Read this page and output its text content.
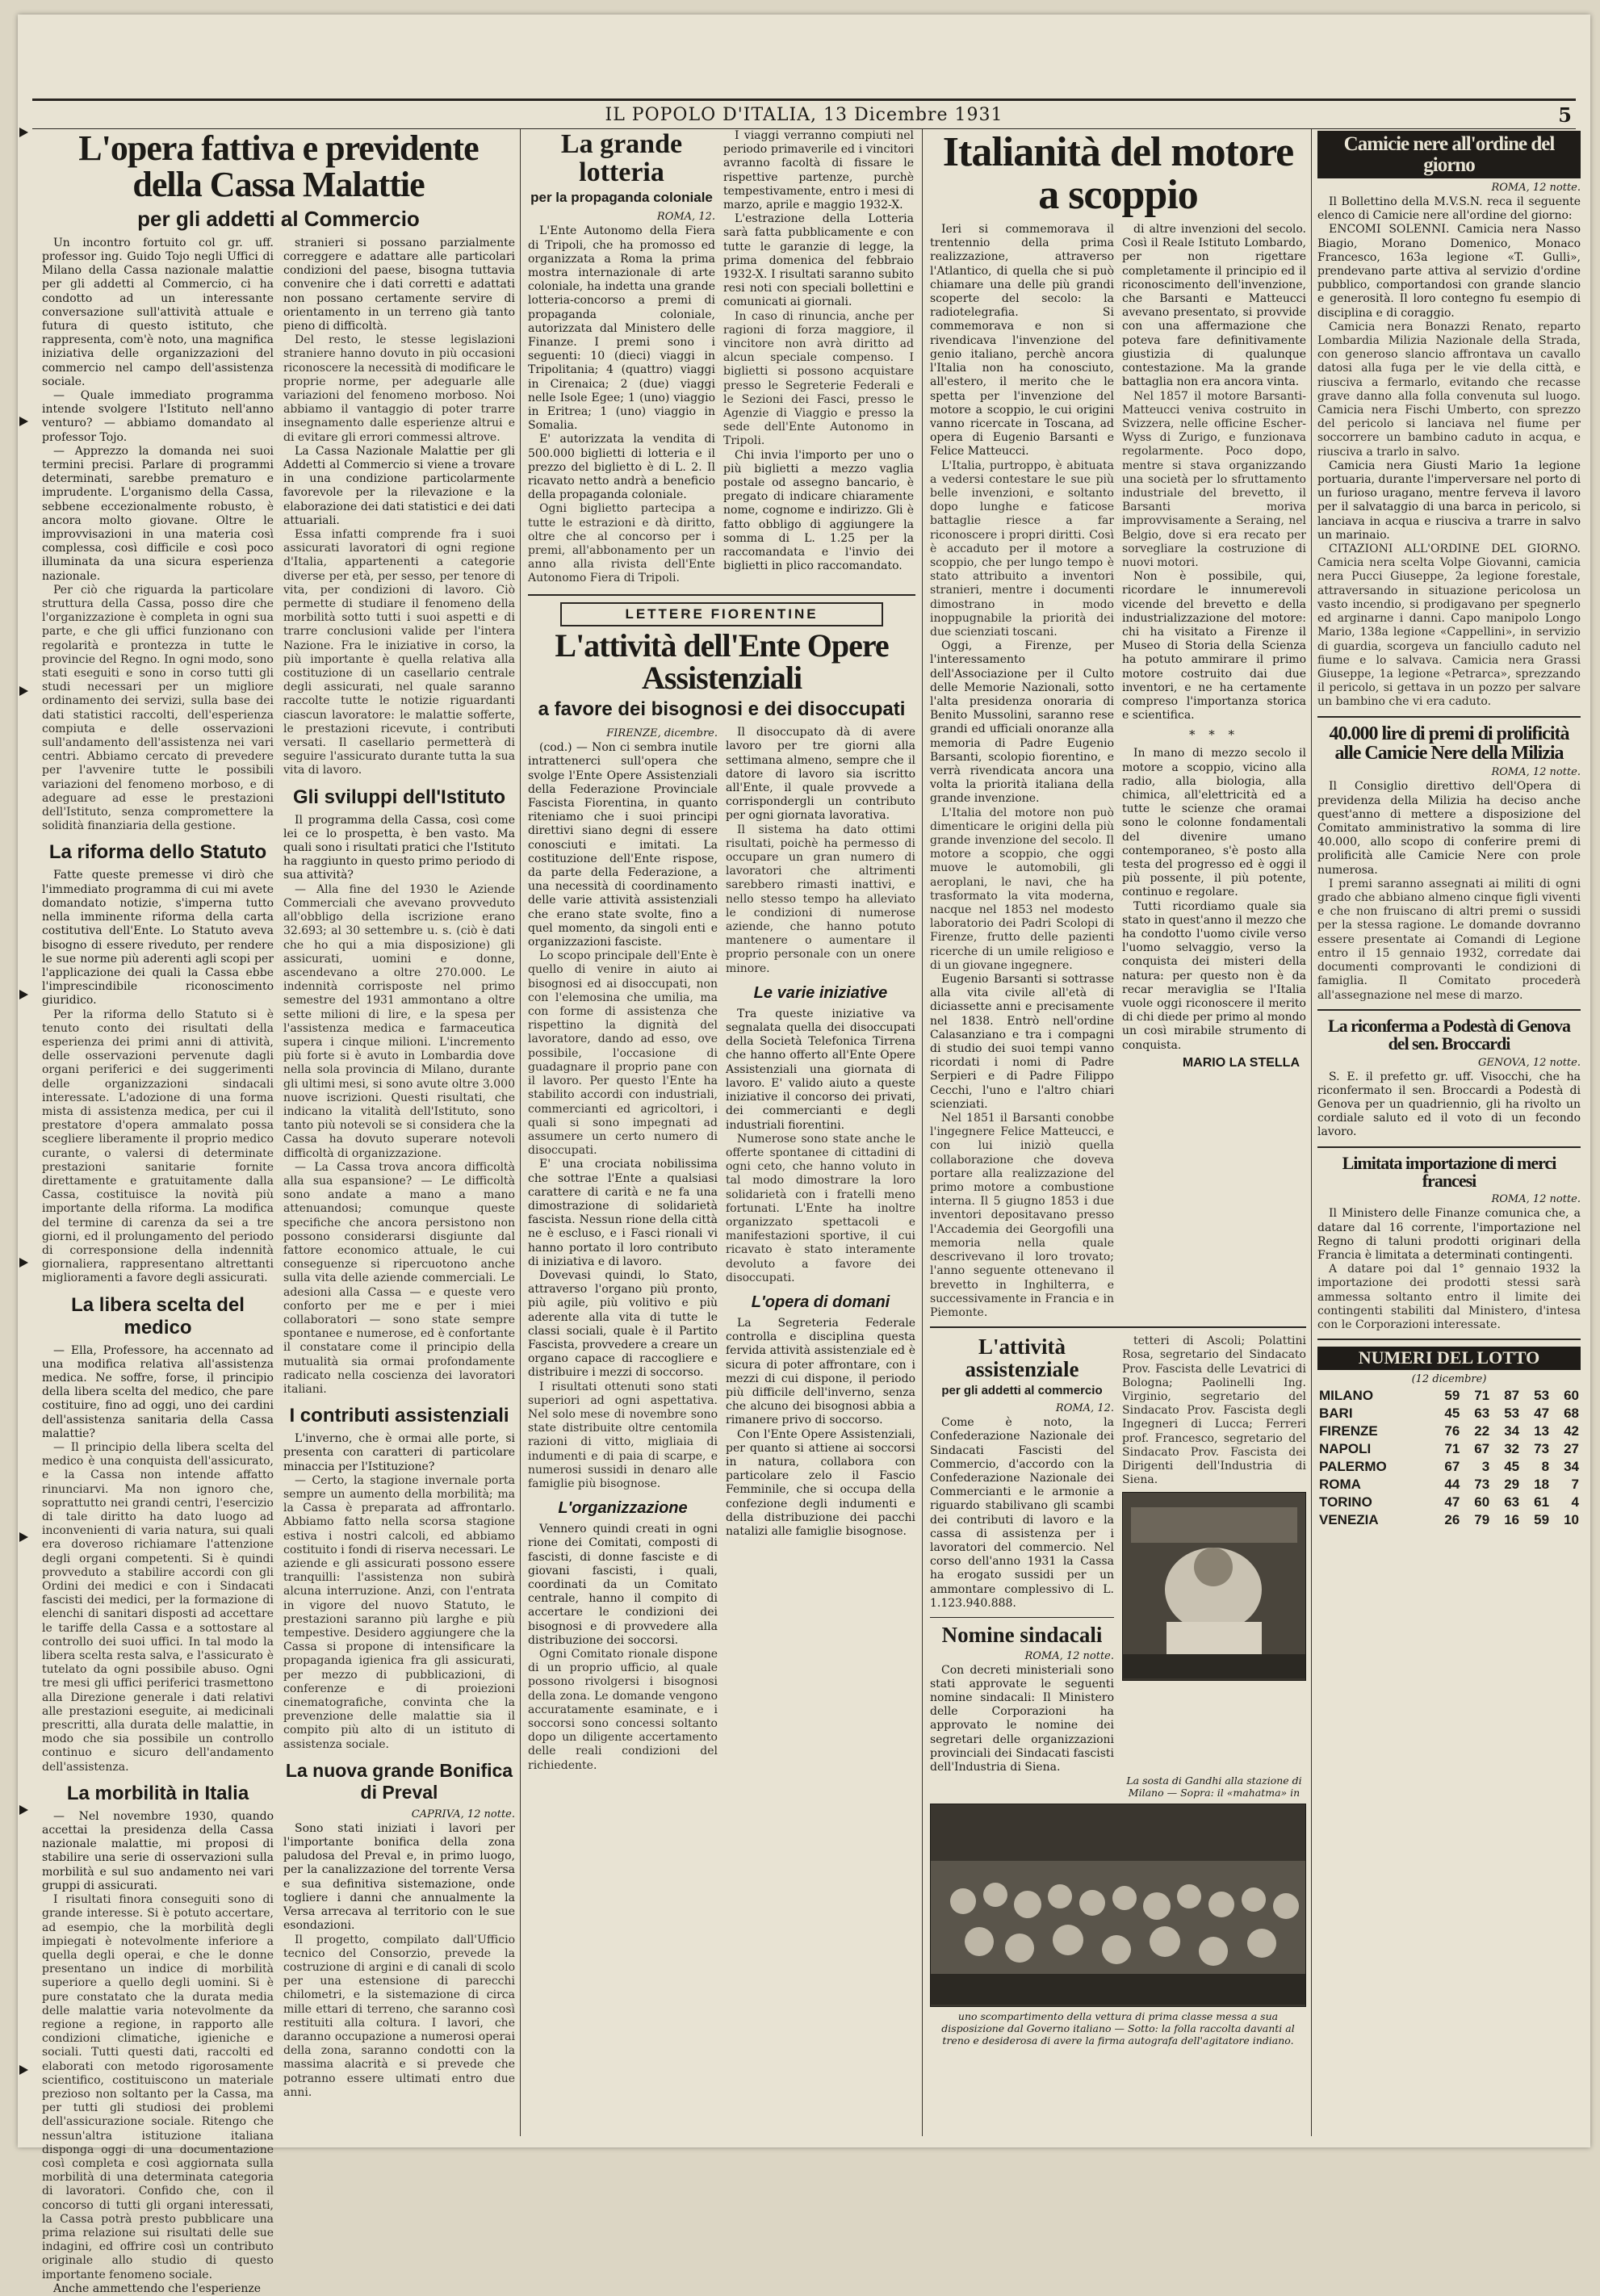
IL POPOLO D'ITALIA, 13 Dicembre 1931	5
L'opera fattiva e previdente della Cassa Malattie
per gli addetti al Commercio

Un incontro fortuito col gr. uff. professor ing. Guido Tojo negli Uffici di Milano della Cassa nazionale malattie per gli addetti al Commercio, ci ha condotto ad un interessante conversazione sull'attività attuale e futura di questo istituto, che rappresenta, com'è noto, una magnifica iniziativa delle organizzazioni del commercio nel campo dell'assistenza sociale.

— Quale immediato programma intende svolgere l'Istituto nell'anno venturo? — abbiamo domandato al professor Tojo.

— Apprezzo la domanda nei suoi termini precisi. Parlare di programmi determinati, sarebbe prematuro e imprudente. L'organismo della Cassa, sebbene eccezionalmente robusto, è ancora molto giovane. Oltre le improvvisazioni in una materia così complessa, così difficile e così poco illuminata da una sicura esperienza nazionale.

Per ciò che riguarda la particolare struttura della Cassa, posso dire che l'organizzazione è completa in ogni sua parte, e che gli uffici funzionano con regolarità e prontezza in tutte le provincie del Regno. In ogni modo, sono stati eseguiti e sono in corso tutti gli studi necessari per un migliore ordinamento dei servizi, sulla base dei dati statistici raccolti, dell'esperienza compiuta e delle osservazioni sull'andamento dell'assistenza nei vari centri. Abbiamo cercato di prevedere per l'avvenire tutte le possibili variazioni del fenomeno morboso, e di adeguare ad esse le prestazioni dell'Istituto, senza compromettere la solidità finanziaria della gestione.

La riforma dello Statuto

Fatte queste premesse vi dirò che l'immediato programma di cui mi avete domandato notizie, s'imperna tutto nella imminente riforma della carta costitutiva dell'Ente. Lo Statuto aveva bisogno di essere riveduto, per rendere le sue norme più aderenti agli scopi per l'applicazione dei quali la Cassa ebbe l'imprescindibile riconoscimento giuridico.

Per la riforma dello Statuto si è tenuto conto dei risultati della esperienza dei primi anni di attività, delle osservazioni pervenute dagli organi periferici e dei suggerimenti delle organizzazioni sindacali interessate. L'adozione di una forma mista di assistenza medica, per cui il prestatore d'opera ammalato possa scegliere liberamente il proprio medico curante, o valersi di determinate prestazioni sanitarie fornite direttamente e gratuitamente dalla Cassa, costituisce la novità più importante della riforma. La modifica del termine di carenza da sei a tre giorni, ed il prolungamento del periodo di corresponsione della indennità giornaliera, rappresentano altrettanti miglioramenti a favore degli assicurati.

La libera scelta del medico

— Ella, Professore, ha accennato ad una modifica relativa all'assistenza medica. Ne soffre, forse, il principio della libera scelta del medico, che pare costituire, fino ad oggi, uno dei cardini dell'assistenza sanitaria della Cassa malattie?

— Il principio della libera scelta del medico è una conquista dell'assicurato, e la Cassa non intende affatto rinunciarvi. Ma non ignoro che, soprattutto nei grandi centri, l'esercizio di tale diritto ha dato luogo ad inconvenienti di varia natura, sui quali era doveroso richiamare l'attenzione degli organi competenti. Si è quindi provveduto a stabilire accordi con gli Ordini dei medici e con i Sindacati fascisti dei medici, per la formazione di elenchi di sanitari disposti ad accettare le tariffe della Cassa e a sottostare al controllo dei suoi uffici. In tal modo la libera scelta resta salva, e l'assicurato è tutelato da ogni possibile abuso. Ogni tre mesi gli uffici periferici trasmettono alla Direzione generale i dati relativi alle prestazioni eseguite, ai medicinali prescritti, alla durata delle malattie, in modo che sia possibile un controllo continuo e sicuro dell'andamento dell'assistenza.

La morbilità in Italia

— Nel novembre 1930, quando accettai la presidenza della Cassa nazionale malattie, mi proposi di stabilire una serie di osservazioni sulla morbilità e sul suo andamento nei vari gruppi di assicurati.

I risultati finora conseguiti sono di grande interesse. Si è potuto accertare, ad esempio, che la morbilità degli impiegati è notevolmente inferiore a quella degli operai, e che le donne presentano un indice di morbilità superiore a quello degli uomini. Si è pure constatato che la durata media delle malattie varia notevolmente da regione a regione, in rapporto alle condizioni climatiche, igieniche e sociali. Tutti questi dati, raccolti ed elaborati con metodo rigorosamente scientifico, costituiscono un materiale prezioso non soltanto per la Cassa, ma per tutti gli studiosi dei problemi dell'assicurazione sociale. Ritengo che nessun'altra istituzione italiana disponga oggi di una documentazione così completa e così aggiornata sulla morbilità di una determinata categoria di lavoratori. Confido che, con il concorso di tutti gli organi interessati, la Cassa potrà presto pubblicare una prima relazione sui risultati delle sue indagini, ed offrire così un contributo originale allo studio di questo importante fenomeno sociale.

Anche ammettendo che l'esperienze

stranieri si possano parzialmente correggere e adattare alle particolari condizioni del paese, bisogna tuttavia convenire che i dati corretti e adattati non possano certamente servire di orientamento in un terreno già tanto pieno di difficoltà.

Del resto, le stesse legislazioni straniere hanno dovuto in più occasioni riconoscere la necessità di modificare le proprie norme, per adeguarle alle variazioni del fenomeno morboso. Noi abbiamo il vantaggio di poter trarre insegnamento dalle esperienze altrui e di evitare gli errori commessi altrove.

La Cassa Nazionale Malattie per gli Addetti al Commercio si viene a trovare in una condizione particolarmente favorevole per la rilevazione e la elaborazione dei dati statistici e dei dati attuariali.

Essa infatti comprende fra i suoi assicurati lavoratori di ogni regione d'Italia, appartenenti a categorie diverse per età, per sesso, per tenore di vita, per condizioni di lavoro. Ciò permette di studiare il fenomeno della morbilità sotto tutti i suoi aspetti e di trarre conclusioni valide per l'intera Nazione. Fra le iniziative in corso, la più importante è quella relativa alla costituzione di un casellario centrale degli assicurati, nel quale saranno raccolte tutte le notizie riguardanti ciascun lavoratore: le malattie sofferte, le prestazioni ricevute, i contributi versati. Il casellario permetterà di seguire l'assicurato durante tutta la sua vita di lavoro.

Gli sviluppi dell'Istituto

Il programma della Cassa, così come lei ce lo prospetta, è ben vasto. Ma quali sono i risultati pratici che l'Istituto ha raggiunto in questo primo periodo di sua attività?

— Alla fine del 1930 le Aziende Commerciali che avevano provveduto all'obbligo della iscrizione erano 32.693; al 30 settembre u. s. (ciò è dati che ho qui a mia disposizione) gli assicurati, uomini e donne, ascendevano a oltre 270.000. Le indennità corrisposte nel primo semestre del 1931 ammontano a oltre sette milioni di lire, e la spesa per l'assistenza medica e farmaceutica supera i cinque milioni. L'incremento più forte si è avuto in Lombardia dove nella sola provincia di Milano, durante gli ultimi mesi, si sono avute oltre 3.000 nuove iscrizioni. Questi risultati, che indicano la vitalità dell'Istituto, sono tanto più notevoli se si considera che la Cassa ha dovuto superare notevoli difficoltà di organizzazione.

— La Cassa trova ancora difficoltà alla sua espansione? — Le difficoltà sono andate a mano a mano attenuandosi; comunque queste specifiche che ancora persistono non possono considerarsi disgiunte dal fattore economico attuale, le cui conseguenze si ripercuotono anche sulla vita delle aziende commerciali. Le adesioni alla Cassa — e queste vero conforto per me e per i miei collaboratori — sono state sempre spontanee e numerose, ed è confortante il constatare come il principio della mutualità sia ormai profondamente radicato nella coscienza dei lavoratori italiani.

I contributi assistenziali

L'inverno, che è ormai alle porte, si presenta con caratteri di particolare minaccia per l'Istituzione?

— Certo, la stagione invernale porta sempre un aumento della morbilità; ma la Cassa è preparata ad affrontarlo. Abbiamo fatto nella scorsa stagione estiva i nostri calcoli, ed abbiamo costituito i fondi di riserva necessari. Le aziende e gli assicurati possono essere tranquilli: l'assistenza non subirà alcuna interruzione. Anzi, con l'entrata in vigore del nuovo Statuto, le prestazioni saranno più larghe e più tempestive. Desidero aggiungere che la Cassa si propone di intensificare la propaganda igienica fra gli assicurati, per mezzo di pubblicazioni, di conferenze e di proiezioni cinematografiche, convinta che la prevenzione delle malattie sia il compito più alto di un istituto di assistenza sociale.

La nuova grande Bonifica di Preval
CAPRIVA, 12 notte.

Sono stati iniziati i lavori per l'importante bonifica della zona paludosa del Preval e, in primo luogo, per la canalizzazione del torrente Versa e sua definitiva sistemazione, onde togliere i danni che annualmente la Versa arrecava al territorio con le sue esondazioni.

Il progetto, compilato dall'Ufficio tecnico del Consorzio, prevede la costruzione di argini e di canali di scolo per una estensione di parecchi chilometri, e la sistemazione di circa mille ettari di terreno, che saranno così restituiti alla coltura. I lavori, che daranno occupazione a numerosi operai della zona, saranno condotti con la massima alacrità e si prevede che potranno essere ultimati entro due anni.

La grande lotteria
per la propaganda coloniale
ROMA, 12.

L'Ente Autonomo della Fiera di Tripoli, che ha promosso ed organizzata a Roma la prima mostra internazionale di arte coloniale, ha indetta una grande lotteria-concorso a premi di propaganda coloniale, autorizzata dal Ministero delle Finanze. I premi sono i seguenti: 10 (dieci) viaggi in Tripolitania; 4 (quattro) viaggi in Cirenaica; 2 (due) viaggi nelle Isole Egee; 1 (uno) viaggio in Eritrea; 1 (uno) viaggio in Somalia.

E' autorizzata la vendita di 500.000 biglietti di lotteria e il prezzo del biglietto è di L. 2. Il ricavato netto andrà a beneficio della propaganda coloniale.

Ogni biglietto partecipa a tutte le estrazioni e dà diritto, oltre che al concorso per i premi, all'abbonamento per un anno alla rivista dell'Ente Autonomo Fiera di Tripoli.

I viaggi verranno compiuti nel periodo primaverile ed i vincitori avranno facoltà di fissare le rispettive partenze, purchè tempestivamente, entro i mesi di marzo, aprile e maggio 1932-X.

L'estrazione della Lotteria sarà fatta pubblicamente e con tutte le garanzie di legge, la prima domenica del febbraio 1932-X. I risultati saranno subito resi noti con speciali bollettini e comunicati ai giornali.

In caso di rinuncia, anche per ragioni di forza maggiore, il vincitore non avrà diritto ad alcun speciale compenso. I biglietti si possono acquistare presso le Segreterie Federali e le Sezioni dei Fasci, presso le Agenzie di Viaggio e presso la sede dell'Ente Autonomo in Tripoli.

Chi invia l'importo per uno o più biglietti a mezzo vaglia postale od assegno bancario, è pregato di indicare chiaramente nome, cognome e indirizzo. Gli è fatto obbligo di aggiungere la somma di L. 1.25 per la raccomandata e l'invio dei biglietti in plico raccomandato.

LETTERE FIORENTINE
L'attività dell'Ente Opere Assistenziali
a favore dei bisognosi e dei disoccupati
FIRENZE, dicembre.

(cod.) — Non ci sembra inutile intrattenerci sull'opera che svolge l'Ente Opere Assistenziali della Federazione Provinciale Fascista Fiorentina, in quanto riteniamo che i suoi principi direttivi siano degni di essere conosciuti e imitati. La costituzione dell'Ente rispose, da parte della Federazione, a una necessità di coordinamento delle varie attività assistenziali che erano state svolte, fino a quel momento, da singoli enti e organizzazioni fasciste.

Lo scopo principale dell'Ente è quello di venire in aiuto ai bisognosi ed ai disoccupati, non con l'elemosina che umilia, ma con forme di assistenza che rispettino la dignità del lavoratore, dando ad esso, ove possibile, l'occasione di guadagnare il proprio pane con il lavoro. Per questo l'Ente ha stabilito accordi con industriali, commercianti ed agricoltori, i quali si sono impegnati ad assumere un certo numero di disoccupati.

E' una crociata nobilissima che sottrae l'Ente a qualsiasi carattere di carità e ne fa una dimostrazione di solidarietà fascista. Nessun rione della città ne è escluso, e i Fasci rionali vi hanno portato il loro contributo di iniziativa e di lavoro.

Dovevasi quindi, lo Stato, attraverso l'organo più pronto, più agile, più volitivo e più aderente alla vita di tutte le classi sociali, quale è il Partito Fascista, provvedere a creare un organo capace di raccogliere e distribuire i mezzi di soccorso.

I risultati ottenuti sono stati superiori ad ogni aspettativa. Nel solo mese di novembre sono state distribuite oltre centomila razioni di vitto, migliaia di indumenti e di paia di scarpe, e numerosi sussidi in denaro alle famiglie più bisognose.

L'organizzazione

Vennero quindi creati in ogni rione dei Comitati, composti di fascisti, di donne fasciste e di giovani fascisti, i quali, coordinati da un Comitato centrale, hanno il compito di accertare le condizioni dei bisognosi e di provvedere alla distribuzione dei soccorsi.

Ogni Comitato rionale dispone di un proprio ufficio, al quale possono rivolgersi i bisognosi della zona. Le domande vengono accuratamente esaminate, e i soccorsi sono concessi soltanto dopo un diligente accertamento delle reali condizioni del richiedente.

Il disoccupato dà di avere lavoro per tre giorni alla settimana almeno, sempre che il datore di lavoro sia iscritto all'Ente, il quale provvede a corrispondergli un contributo per ogni giornata lavorativa.

Il sistema ha dato ottimi risultati, poichè ha permesso di occupare un gran numero di lavoratori che altrimenti sarebbero rimasti inattivi, e nello stesso tempo ha alleviato le condizioni di numerose aziende, che hanno potuto mantenere o aumentare il proprio personale con un onere minore.

Le varie iniziative

Tra queste iniziative va segnalata quella dei disoccupati della Società Telefonica Tirrena che hanno offerto all'Ente Opere Assistenziali una giornata di lavoro. E' valido aiuto a queste iniziative il concorso dei privati, dei commercianti e degli industriali fiorentini.

Numerose sono state anche le offerte spontanee di cittadini di ogni ceto, che hanno voluto in tal modo dimostrare la loro solidarietà con i fratelli meno fortunati. L'Ente ha inoltre organizzato spettacoli e manifestazioni sportive, il cui ricavato è stato interamente devoluto a favore dei disoccupati.

L'opera di domani

La Segreteria Federale controlla e disciplina questa fervida attività assistenziale ed è sicura di poter affrontare, con i mezzi di cui dispone, il periodo più difficile dell'inverno, senza che alcuno dei bisognosi abbia a rimanere privo di soccorso.

Con l'Ente Opere Assistenziali, per quanto si attiene ai soccorsi in natura, collabora con particolare zelo il Fascio Femminile, che si occupa della confezione degli indumenti e della distribuzione dei pacchi natalizi alle famiglie bisognose.

Italianità del motore a scoppio

Ieri si commemorava il trentennio della prima realizzazione, attraverso l'Atlantico, di quella che si può chiamare una delle più grandi scoperte del secolo: la radiotelegrafia. Si commemorava e non si rivendicava l'invenzione del genio italiano, perchè ancora l'Italia non ha conosciuto, all'estero, il merito che le spetta per l'invenzione del motore a scoppio, le cui origini vanno ricercate in Toscana, ad opera di Eugenio Barsanti e Felice Matteucci.

L'Italia, purtroppo, è abituata a vedersi contestare le sue più belle invenzioni, e soltanto dopo lunghe e faticose battaglie riesce a far riconoscere i propri diritti. Così è accaduto per il motore a scoppio, che per lungo tempo è stato attribuito a inventori stranieri, mentre i documenti dimostrano in modo inoppugnabile la priorità dei due scienziati toscani.

Oggi, a Firenze, per l'interessamento dell'Associazione per il Culto delle Memorie Nazionali, sotto l'alta presidenza onoraria di Benito Mussolini, saranno rese grandi ed ufficiali onoranze alla memoria di Padre Eugenio Barsanti, scolopio fiorentino, e verrà rivendicata ancora una volta la priorità italiana della grande invenzione.

L'Italia del motore non può dimenticare le origini della più grande invenzione del secolo. Il motore a scoppio, che oggi muove le automobili, gli aeroplani, le navi, che ha trasformato la vita moderna, nacque nel 1853 nel modesto laboratorio dei Padri Scolopi di Firenze, frutto delle pazienti ricerche di un umile religioso e di un giovane ingegnere.

Eugenio Barsanti si sottrasse alla vita civile all'età di diciassette anni e precisamente nel 1838. Entrò nell'ordine Calasanziano e tra i compagni di studio dei suoi tempi vanno ricordati i nomi di Padre Serpieri e di Padre Filippo Cecchi, l'uno e l'altro chiari scienziati.

Nel 1851 il Barsanti conobbe l'ingegnere Felice Matteucci, e con lui iniziò quella collaborazione che doveva portare alla realizzazione del primo motore a combustione interna. Il 5 giugno 1853 i due inventori depositavano presso l'Accademia dei Georgofili una memoria nella quale descrivevano il loro trovato; l'anno seguente ottenevano il brevetto in Inghilterra, e successivamente in Francia e in Piemonte.

di altre invenzioni del secolo. Così il Reale Istituto Lombardo, per non rigettare completamente il principio ed il riconoscimento dell'invenzione, che Barsanti e Matteucci avevano presentato, si provvide con una affermazione che poteva fare definitivamente giustizia di qualunque contestazione. Ma la grande battaglia non era ancora vinta.

Nel 1857 il motore Barsanti-Matteucci veniva costruito in Svizzera, nelle officine Escher-Wyss di Zurigo, e funzionava regolarmente. Poco dopo, mentre si stava organizzando una società per lo sfruttamento industriale del brevetto, il Barsanti moriva improvvisamente a Seraing, nel Belgio, dove si era recato per sorvegliare la costruzione di nuovi motori.

Non è possibile, qui, ricordare le innumerevoli vicende del brevetto e della industrializzazione del motore: chi ha visitato a Firenze il Museo di Storia della Scienza ha potuto ammirare il primo motore costruito dai due inventori, e ne ha certamente compreso l'importanza storica e scientifica.

* * *

In mano di mezzo secolo il motore a scoppio, vicino alla radio, alla biologia, alla chimica, all'elettricità ed a tutte le scienze che oramai sono le colonne fondamentali del divenire umano contemporaneo, s'è posto alla testa del progresso ed è oggi il più possente, il più potente, continuo e regolare.

Tutti ricordiamo quale sia stato in quest'anno il mezzo che ha condotto l'uomo civile verso l'uomo selvaggio, verso la conquista dei misteri della natura: per questo non è da recar meraviglia se l'Italia vuole oggi riconoscere il merito di chi diede per primo al mondo un così mirabile strumento di conquista.

MARIO LA STELLA
L'attività assistenziale
per gli addetti al commercio
ROMA, 12.

Come è noto, la Confederazione Nazionale dei Sindacati Fascisti del Commercio, d'accordo con la Confederazione Nazionale dei Commercianti e le armonie a riguardo stabilivano gli scambi dei contributi di lavoro e la cassa di assistenza per i lavoratori del commercio. Nel corso dell'anno 1931 la Cassa ha erogato sussidi per un ammontare complessivo di L. 1.123.940.888.

Nomine sindacali
ROMA, 12 notte.

Con decreti ministeriali sono stati approvate le seguenti nomine sindacali: Il Ministero delle Corporazioni ha approvato le nomine dei segretari delle organizzazioni provinciali dei Sindacati fascisti dell'Industria di Siena.

tetteri di Ascoli; Polattini Rosa, segretario del Sindacato Prov. Fascista delle Levatrici di Bologna; Paolinelli Ing. Virginio, segretario del Sindacato Prov. Fascista degli Ingegneri di Lucca; Ferreri prof. Francesco, segretario del Sindacato Prov. Fascista dei Dirigenti dell'Industria di Siena.

La sosta di Gandhi alla stazione di Milano — Sopra: il «mahatma» in
uno scompartimento della vettura di prima classe messa a sua disposizione dal Governo italiano — Sotto: la folla raccolta davanti al treno e desiderosa di avere la firma autografa dell'agitatore indiano.
Camicie nere all'ordine del giorno
ROMA, 12 notte.

Il Bollettino della M.V.S.N. reca il seguente elenco di Camicie nere all'ordine del giorno:

ENCOMI SOLENNI. Camicia nera Nasso Biagio, Morano Domenico, Monaco Francesco, 163a legione «T. Gulli», prendevano parte attiva al servizio d'ordine pubblico, comportandosi con grande slancio e generosità. Il loro contegno fu esempio di disciplina e di coraggio.

Camicia nera Bonazzi Renato, reparto Lombardia Milizia Nazionale della Strada, con generoso slancio affrontava un cavallo datosi alla fuga per le vie della città, e riusciva a fermarlo, evitando che recasse grave danno alla folla convenuta sul luogo. Camicia nera Fischi Umberto, con sprezzo del pericolo si lanciava nel fiume per soccorrere un bambino caduto in acqua, e riusciva a trarlo in salvo.

Camicia nera Giusti Mario 1a legione portuaria, durante l'imperversare nel porto di un furioso uragano, mentre ferveva il lavoro per il salvataggio di una barca in pericolo, si lanciava in acqua e riusciva a trarre in salvo un marinaio.

CITAZIONI ALL'ORDINE DEL GIORNO. Camicia nera scelta Volpe Giovanni, camicia nera Pucci Giuseppe, 2a legione forestale, attraversando in situazione pericolosa un vasto incendio, si prodigavano per spegnerlo ed arginarne i danni. Capo manipolo Longo Mario, 138a legione «Cappellini», in servizio di guardia, scorgeva un fanciullo caduto nel fiume e lo salvava. Camicia nera Grassi Giuseppe, 1a legione «Petrarca», sprezzando il pericolo, si gettava in un pozzo per salvare un bambino che vi era caduto.

40.000 lire di premi di prolificità alle Camicie Nere della Milizia
ROMA, 12 notte.

Il Consiglio direttivo dell'Opera di previdenza della Milizia ha deciso anche quest'anno di mettere a disposizione del Comitato amministrativo la somma di lire 40.000, allo scopo di conferire premi di prolificità alle Camicie Nere con prole numerosa.

I premi saranno assegnati ai militi di ogni grado che abbiano almeno cinque figli viventi e che non fruiscano di altri premi o sussidi per la stessa ragione. Le domande dovranno essere presentate ai Comandi di Legione entro il 15 gennaio 1932, corredate dai documenti comprovanti le condizioni di famiglia. Il Comitato procederà all'assegnazione nel mese di marzo.

La riconferma a Podestà di Genova del sen. Broccardi
GENOVA, 12 notte.

S. E. il prefetto gr. uff. Visocchi, che ha riconfermato il sen. Broccardi a Podestà di Genova per un quadriennio, gli ha rivolto un cordiale saluto ed il voto di un fecondo lavoro.

Limitata importazione di merci francesi
ROMA, 12 notte.

Il Ministero delle Finanze comunica che, a datare dal 16 corrente, l'importazione nel Regno di taluni prodotti originari della Francia è limitata a determinati contingenti.

A datare poi dal 1° gennaio 1932 la importazione dei prodotti stessi sarà ammessa soltanto entro il limite dei contingenti stabiliti dal Ministero, d'intesa con le Corporazioni interessate.

NUMERI DEL LOTTO
(12 dicembre)
MILANO	59	71	87	53	60
BARI	45	63	53	47	68
FIRENZE	76	22	34	13	42
NAPOLI	71	67	32	73	27
PALERMO	67	3	45	8	34
ROMA	44	73	29	18	7
TORINO	47	60	63	61	4
VENEZIA	26	79	16	59	10
